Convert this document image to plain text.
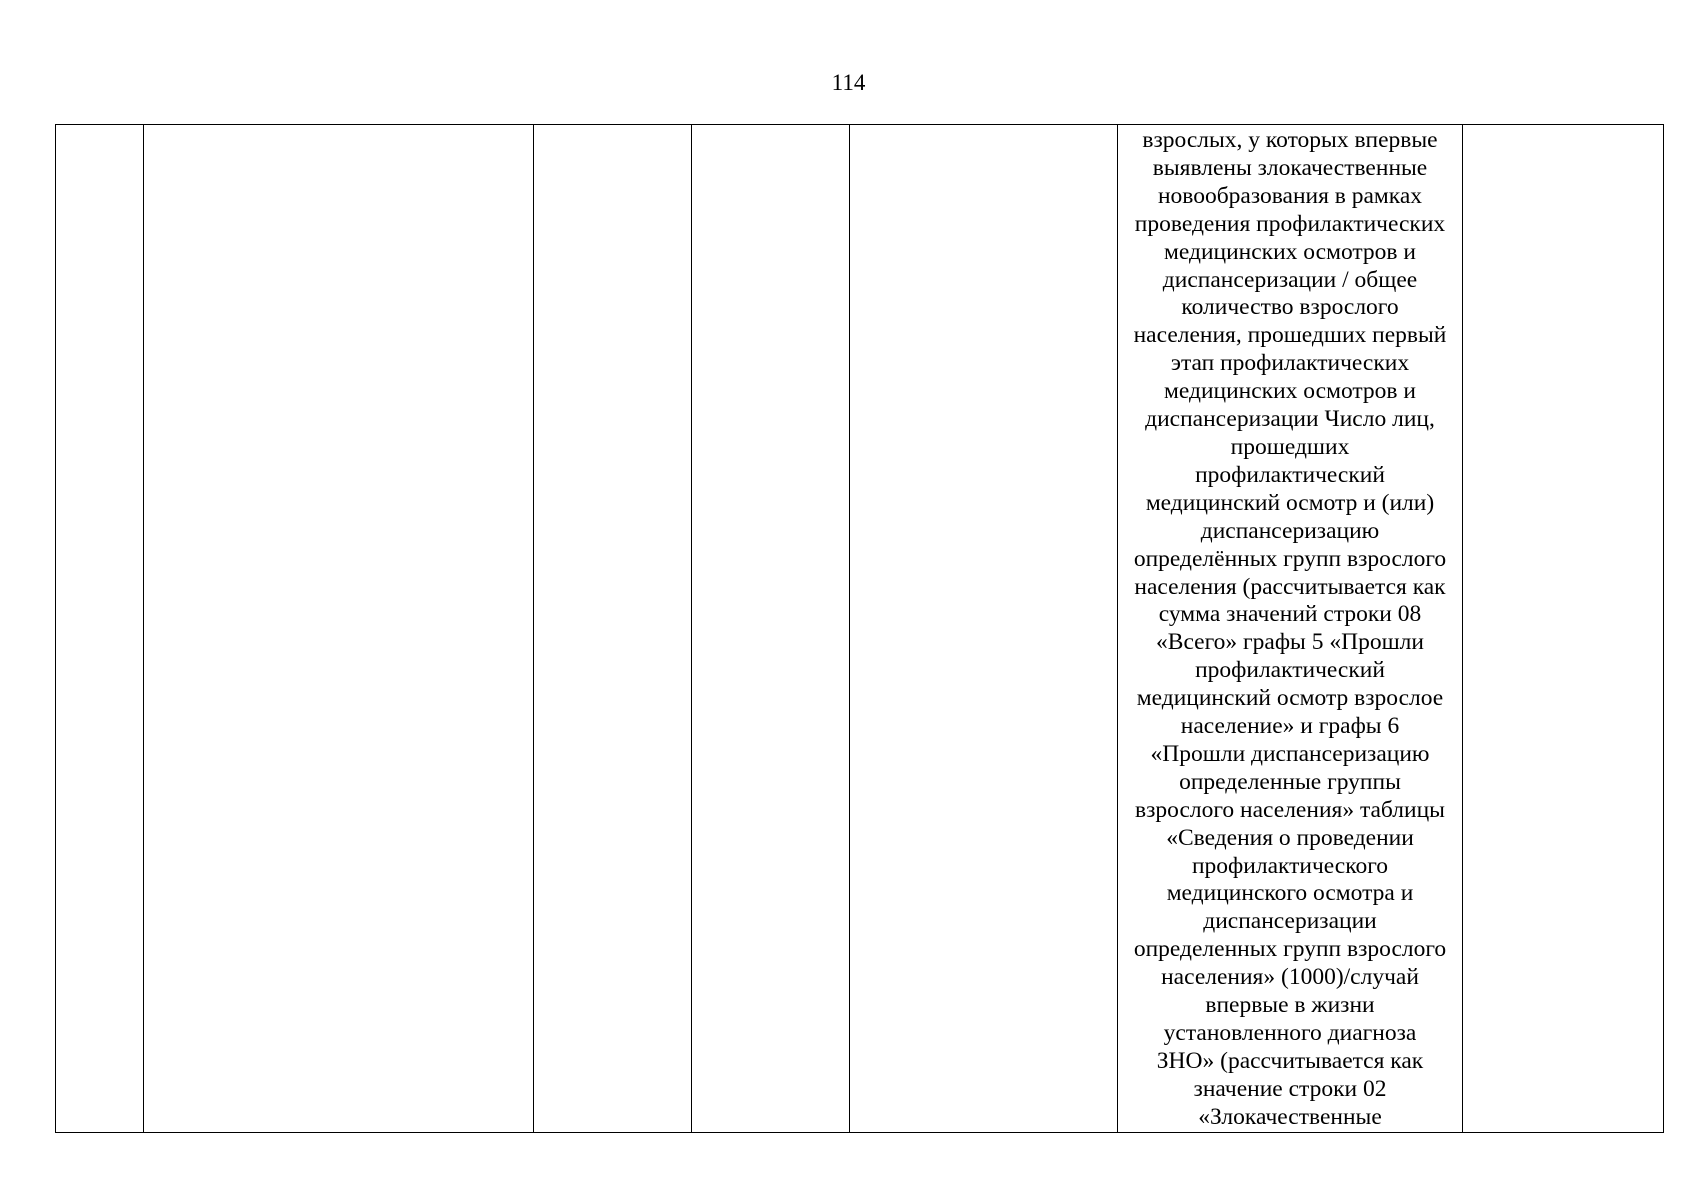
114

взрослых, у которых впервые
выявлены злокачественные
новообразования в рамках
проведения профилактических
медицинских осмотров и
диспансеризации / общее
количество взрослого
населения, прошедших первый
этап профилактических
медицинских осмотров и
диспансеризации Число лиц,
прошедших
профилактический
медицинский осмотр и (или)
диспансеризацию
определённых групп взрослого
населения (рассчитывается как
сумма значений строки 08
«Всего» графы 5 «Прошли
профилактический
медицинский осмотр взрослое
население» и графы 6
«Прошли диспансеризацию
определенные группы
взрослого населения» таблицы
«Сведения о проведении
профилактического
медицинского осмотра и
диспансеризации
определенных групп взрослого
населения» (1000)/случай
впервые в жизни
установленного диагноза
ЗНО» (рассчитывается как
значение строки 02
«Злокачественные
